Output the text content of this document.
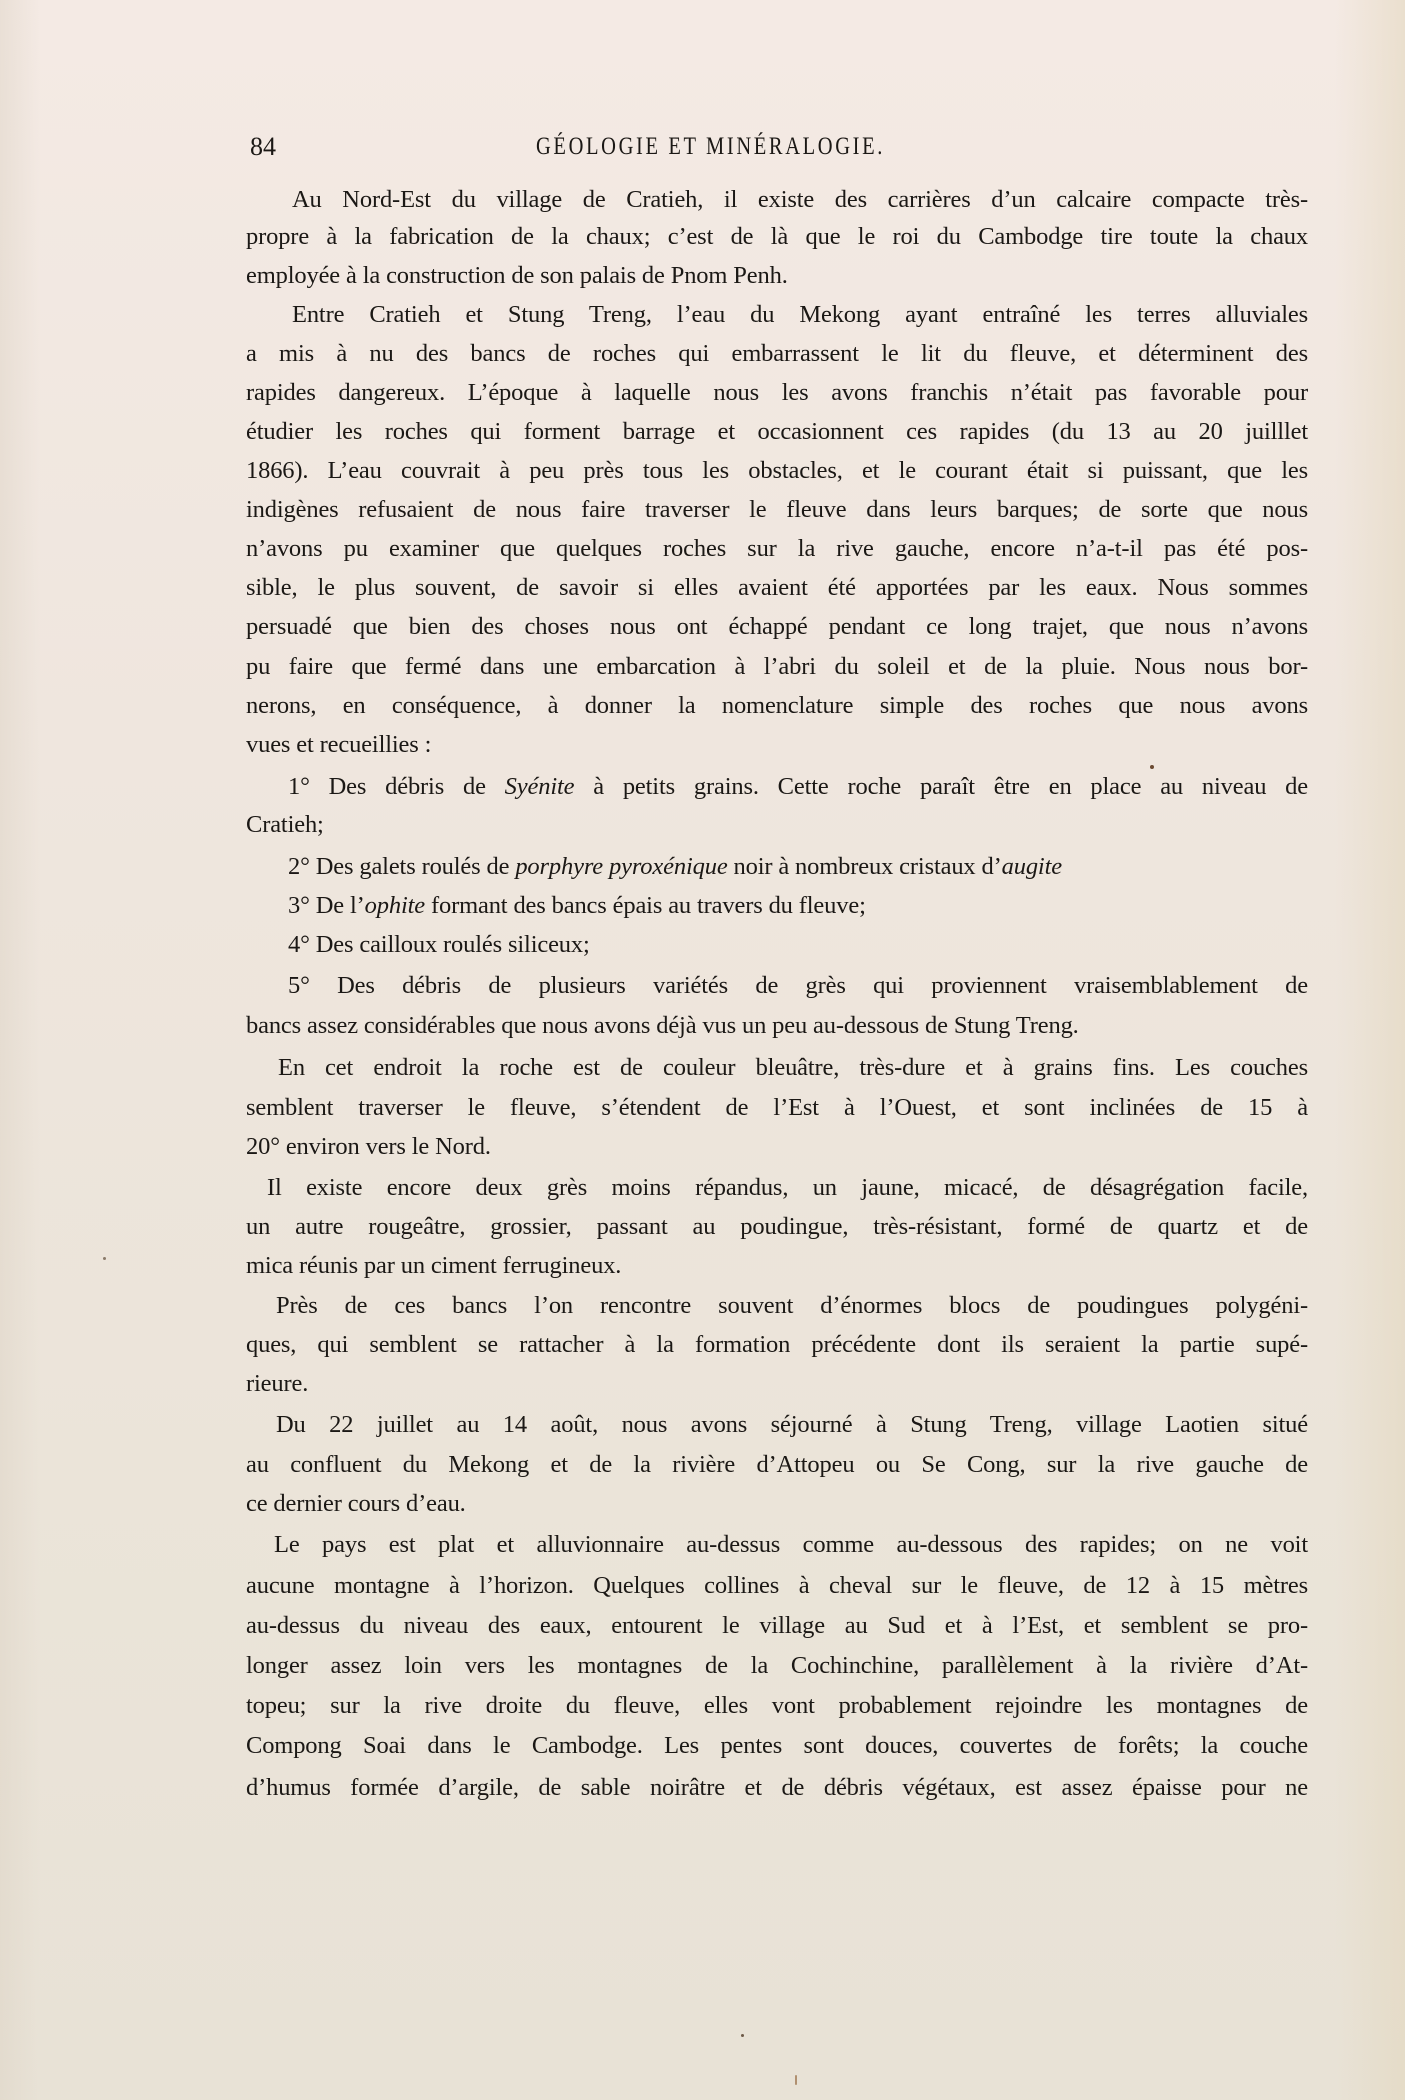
84	GÉOLOGIE ET MINÉRALOGIE.
Au Nord-Est du village de Cratieh, il existe des carrières d’un calcaire compacte très-
propre à la fabrication de la chaux; c’est de là que le roi du Cambodge tire toute la chaux
employée à la construction de son palais de Pnom Penh.
Entre Cratieh et Stung Treng, l’eau du Mekong ayant entraîné les terres alluviales
a mis à nu des bancs de roches qui embarrassent le lit du fleuve, et déterminent des
rapides dangereux. L’époque à laquelle nous les avons franchis n’était pas favorable pour
étudier les roches qui forment barrage et occasionnent ces rapides (du 13 au 20 juilllet
1866). L’eau couvrait à peu près tous les obstacles, et le courant était si puissant, que les
indigènes refusaient de nous faire traverser le fleuve dans leurs barques; de sorte que nous
n’avons pu examiner que quelques roches sur la rive gauche, encore n’a-t-il pas été pos-
sible, le plus souvent, de savoir si elles avaient été apportées par les eaux. Nous sommes
persuadé que bien des choses nous ont échappé pendant ce long trajet, que nous n’avons
pu faire que fermé dans une embarcation à l’abri du soleil et de la pluie. Nous nous bor-
nerons, en conséquence, à donner la nomenclature simple des roches que nous avons
vues et recueillies :
1° Des débris de Syénite à petits grains. Cette roche paraît être en place au niveau de
Cratieh;
2° Des galets roulés de porphyre pyroxénique noir à nombreux cristaux d’augite
3° De l’ophite formant des bancs épais au travers du fleuve;
4° Des cailloux roulés siliceux;
5° Des débris de plusieurs variétés de grès qui proviennent vraisemblablement de
bancs assez considérables que nous avons déjà vus un peu au-dessous de Stung Treng.
En cet endroit la roche est de couleur bleuâtre, très-dure et à grains fins. Les couches
semblent traverser le fleuve, s’étendent de l’Est à l’Ouest, et sont inclinées de 15 à
20° environ vers le Nord.
Il existe encore deux grès moins répandus, un jaune, micacé, de désagrégation facile,
un autre rougeâtre, grossier, passant au poudingue, très-résistant, formé de quartz et de
mica réunis par un ciment ferrugineux.
Près de ces bancs l’on rencontre souvent d’énormes blocs de poudingues polygéni-
ques, qui semblent se rattacher à la formation précédente dont ils seraient la partie supé-
rieure.
Du 22 juillet au 14 août, nous avons séjourné à Stung Treng, village Laotien situé
au confluent du Mekong et de la rivière d’Attopeu ou Se Cong, sur la rive gauche de
ce dernier cours d’eau.
Le pays est plat et alluvionnaire au-dessus comme au-dessous des rapides; on ne voit
aucune montagne à l’horizon. Quelques collines à cheval sur le fleuve, de 12 à 15 mètres
au-dessus du niveau des eaux, entourent le village au Sud et à l’Est, et semblent se pro-
longer assez loin vers les montagnes de la Cochinchine, parallèlement à la rivière d’At-
topeu; sur la rive droite du fleuve, elles vont probablement rejoindre les montagnes de
Compong Soai dans le Cambodge. Les pentes sont douces, couvertes de forêts; la couche
d’humus formée d’argile, de sable noirâtre et de débris végétaux, est assez épaisse pour ne
